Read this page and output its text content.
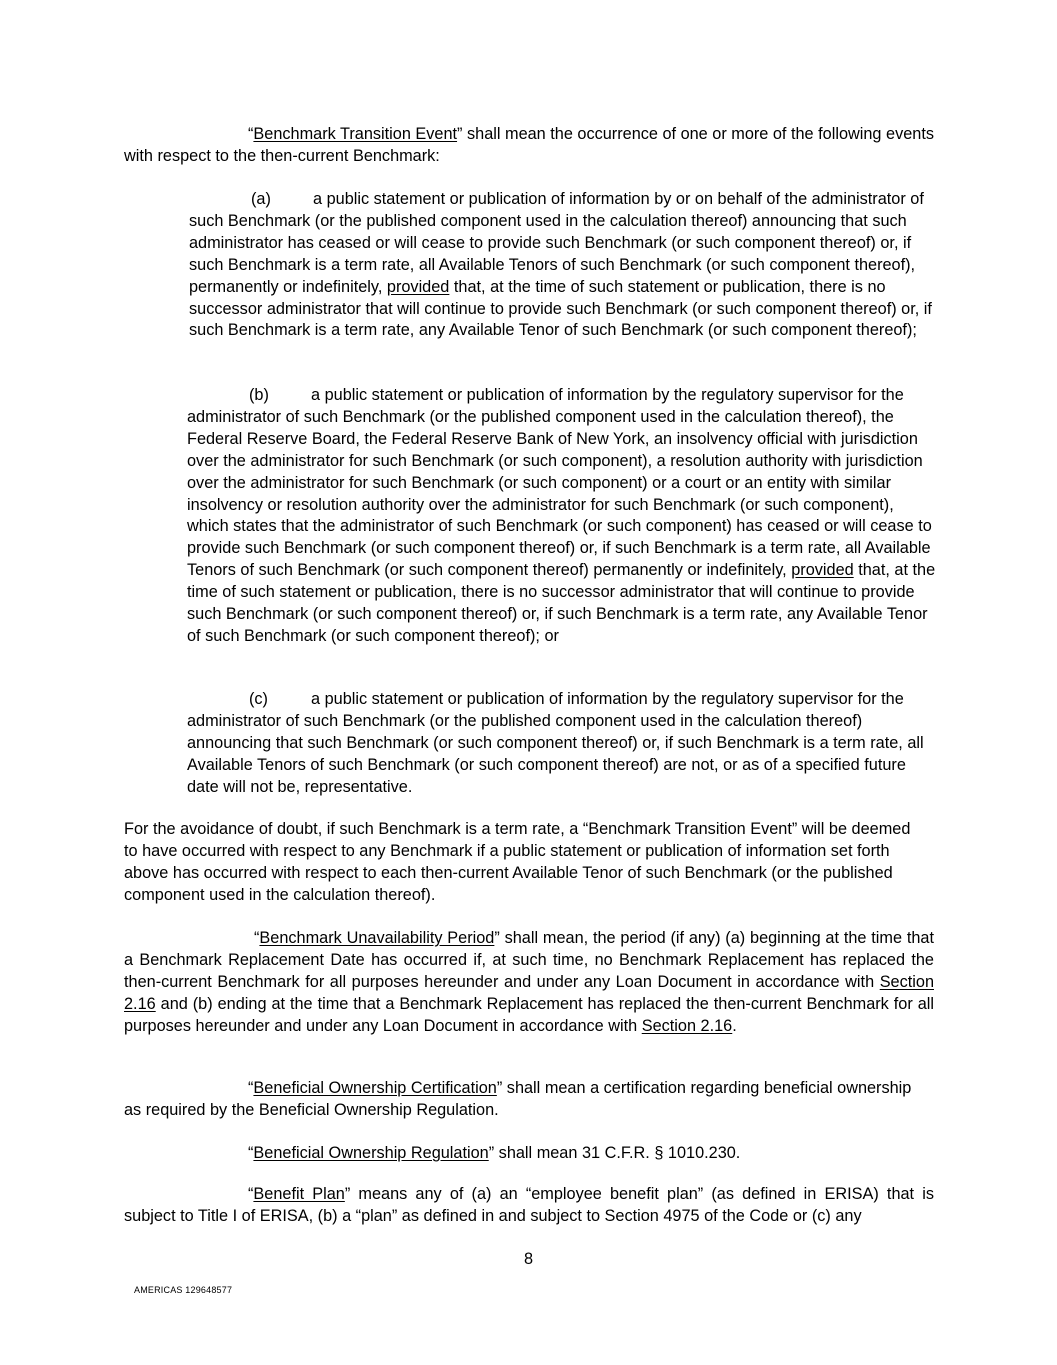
“Benchmark Transition Event” shall mean the occurrence of one or more of the following events with respect to the then-current Benchmark:

(a)	a public statement or publication of information by or on behalf of the administrator of such Benchmark (or the published component used in the calculation thereof) announcing that such administrator has ceased or will cease to provide such Benchmark (or such component thereof) or, if such Benchmark is a term rate, all Available Tenors of such Benchmark (or such component thereof), permanently or indefinitely, provided that, at the time of such statement or publication, there is no successor administrator that will continue to provide such Benchmark (or such component thereof) or, if such Benchmark is a term rate, any Available Tenor of such Benchmark (or such component thereof);

(b)	a public statement or publication of information by the regulatory supervisor for the administrator of such Benchmark (or the published component used in the calculation thereof), the Federal Reserve Board, the Federal Reserve Bank of New York, an insolvency official with jurisdiction over the administrator for such Benchmark (or such component), a resolution authority with jurisdiction over the administrator for such Benchmark (or such component) or a court or an entity with similar insolvency or resolution authority over the administrator for such Benchmark (or such component), which states that the administrator of such Benchmark (or such component) has ceased or will cease to provide such Benchmark (or such component thereof) or, if such Benchmark is a term rate, all Available Tenors of such Benchmark (or such component thereof) permanently or indefinitely, provided that, at the time of such statement or publication, there is no successor administrator that will continue to provide such Benchmark (or such component thereof) or, if such Benchmark is a term rate, any Available Tenor of such Benchmark (or such component thereof); or

(c)	a public statement or publication of information by the regulatory supervisor for the administrator of such Benchmark (or the published component used in the calculation thereof) announcing that such Benchmark (or such component thereof) or, if such Benchmark is a term rate, all Available Tenors of such Benchmark (or such component thereof) are not, or as of a specified future date will not be, representative.

For the avoidance of doubt, if such Benchmark is a term rate, a “Benchmark Transition Event” will be deemed to have occurred with respect to any Benchmark if a public statement or publication of information set forth above has occurred with respect to each then-current Available Tenor of such Benchmark (or the published component used in the calculation thereof).

“Benchmark Unavailability Period” shall mean, the period (if any) (a) beginning at the time that a Benchmark Replacement Date has occurred if, at such time, no Benchmark Replacement has replaced the then-current Benchmark for all purposes hereunder and under any Loan Document in accordance with Section 2.16 and (b) ending at the time that a Benchmark Replacement has replaced the then-current Benchmark for all purposes hereunder and under any Loan Document in accordance with Section 2.16.

“Beneficial Ownership Certification” shall mean a certification regarding beneficial ownership as required by the Beneficial Ownership Regulation.

“Beneficial Ownership Regulation” shall mean 31 C.F.R. § 1010.230.

“Benefit Plan” means any of (a) an “employee benefit plan” (as defined in ERISA) that is subject to Title I of ERISA, (b) a “plan” as defined in and subject to Section 4975 of the Code or (c) any

8
AMERICAS 129648577
